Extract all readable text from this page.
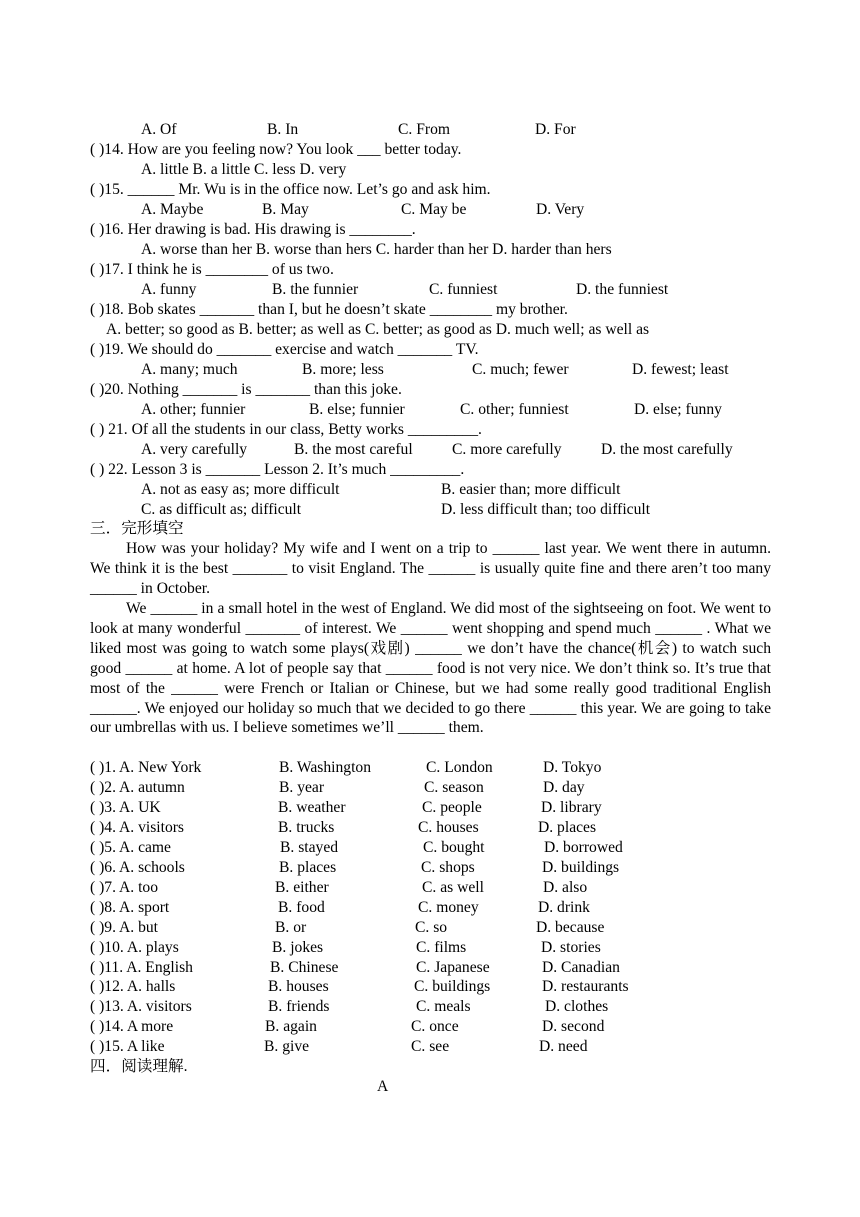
A. Of	B. In	C. From	D. For
( )14. How are you feeling now? You look ___ better today.
A. little B. a little C. less D. very
( )15. ______ Mr. Wu is in the office now. Let’s go and ask him.
A. Maybe	B. May	C. May be	D. Very
( )16. Her drawing is bad. His drawing is ________.
A. worse than her B. worse than hers C. harder than her D. harder than hers
( )17. I think he is ________ of us two.
A. funny	B. the funnier	C. funniest	D. the funniest
( )18. Bob skates _______ than I, but he doesn’t skate ________ my brother.
A. better; so good as B. better; as well as C. better; as good as D. much well; as well as
( )19. We should do _______ exercise and watch _______ TV.
A. many; much	B. more; less	C. much; fewer	D. fewest; least
( )20. Nothing _______ is _______ than this joke.
A. other; funnier	B. else; funnier	C. other; funniest	D. else; funny
( ) 21. Of all the students in our class, Betty works _________.
A. very carefully	B. the most careful	C. more carefully	D. the most carefully
( ) 22. Lesson 3 is _______ Lesson 2. It’s much _________.
A. not as easy as; more difficult	B. easier than; more difficult
C. as difficult as; difficult	D. less difficult than; too difficult
三．完形填空
How was your holiday? My wife and I went on a trip to ______ last year. We went there in autumn. We think it is the best _______ to visit England. The ______ is usually quite fine and there aren’t too many ______ in October.
We ______ in a small hotel in the west of England. We did most of the sightseeing on foot. We went to look at many wonderful _______ of interest. We ______ went shopping and spend much ______ . What we liked most was going to watch some plays(戏剧) ______ we don’t have the chance(机会) to watch such good ______ at home. A lot of people say that ______ food is not very nice. We don’t think so. It’s true that most of the ______ were French or Italian or Chinese, but we had some really good traditional English ______. We enjoyed our holiday so much that we decided to go there ______ this year. We are going to take our umbrellas with us. I believe sometimes we’ll ______ them.
( )1. A. New York	B. Washington	C. London	D. Tokyo
( )2. A. autumn	B. year	C. season	D. day
( )3. A. UK	B. weather	C. people	D. library
( )4. A. visitors	B. trucks	C. houses	D. places
( )5. A. came	B. stayed	C. bought	D. borrowed
( )6. A. schools	B. places	C. shops	D. buildings
( )7. A. too	B. either	C. as well	D. also
( )8. A. sport	B. food	C. money	D. drink
( )9. A. but	B. or	C. so	D. because
( )10. A. plays	B. jokes	C. films	D. stories
( )11. A. English	B. Chinese	C. Japanese	D. Canadian
( )12. A. halls	B. houses	C. buildings	D. restaurants
( )13. A. visitors	B. friends	C. meals	D. clothes
( )14. A more	B. again	C. once	D. second
( )15. A like	B. give	C. see	D. need
四．阅读理解.
A
